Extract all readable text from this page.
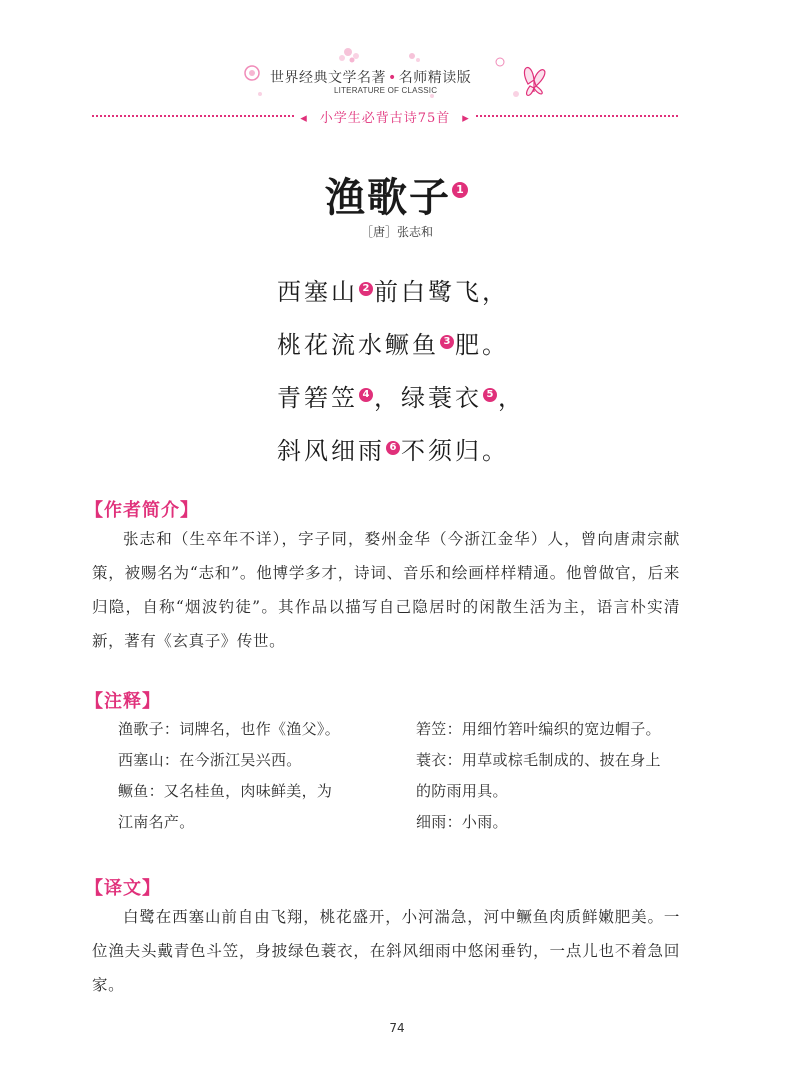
世界经典文学名著 • 名师精读版
LITERATURE OF CLASSIC
◂ 小学生必背古诗75首 ▸
渔歌子 1
［唐］张志和
西塞山 2 前白鹭飞，
桃花流水鳜鱼 3 肥。
青箬笠 4 ，绿蓑衣 5 ，
斜风细雨 6 不须归。
【作者简介】

张志和（生卒年不详），字子同，婺州金华（今浙江金华）人，曾向唐肃宗献策，被赐名为“志和”。他博学多才，诗词、音乐和绘画样样精通。他曾做官，后来归隐，自称“烟波钓徒”。其作品以描写自己隐居时的闲散生活为主，语言朴实清新，著有《玄真子》传世。

【注释】
渔歌子：词牌名，也作《渔父》。
西塞山：在今浙江吴兴西。
鳜鱼：又名桂鱼，肉味鲜美，为
江南名产。
箬笠：用细竹箬叶编织的宽边帽子。
蓑衣：用草或棕毛制成的、披在身上
的防雨用具。
细雨：小雨。
【译文】

白鹭在西塞山前自由飞翔，桃花盛开，小河湍急，河中鳜鱼肉质鲜嫩肥美。一位渔夫头戴青色斗笠，身披绿色蓑衣，在斜风细雨中悠闲垂钓，一点儿也不着急回家。

74
